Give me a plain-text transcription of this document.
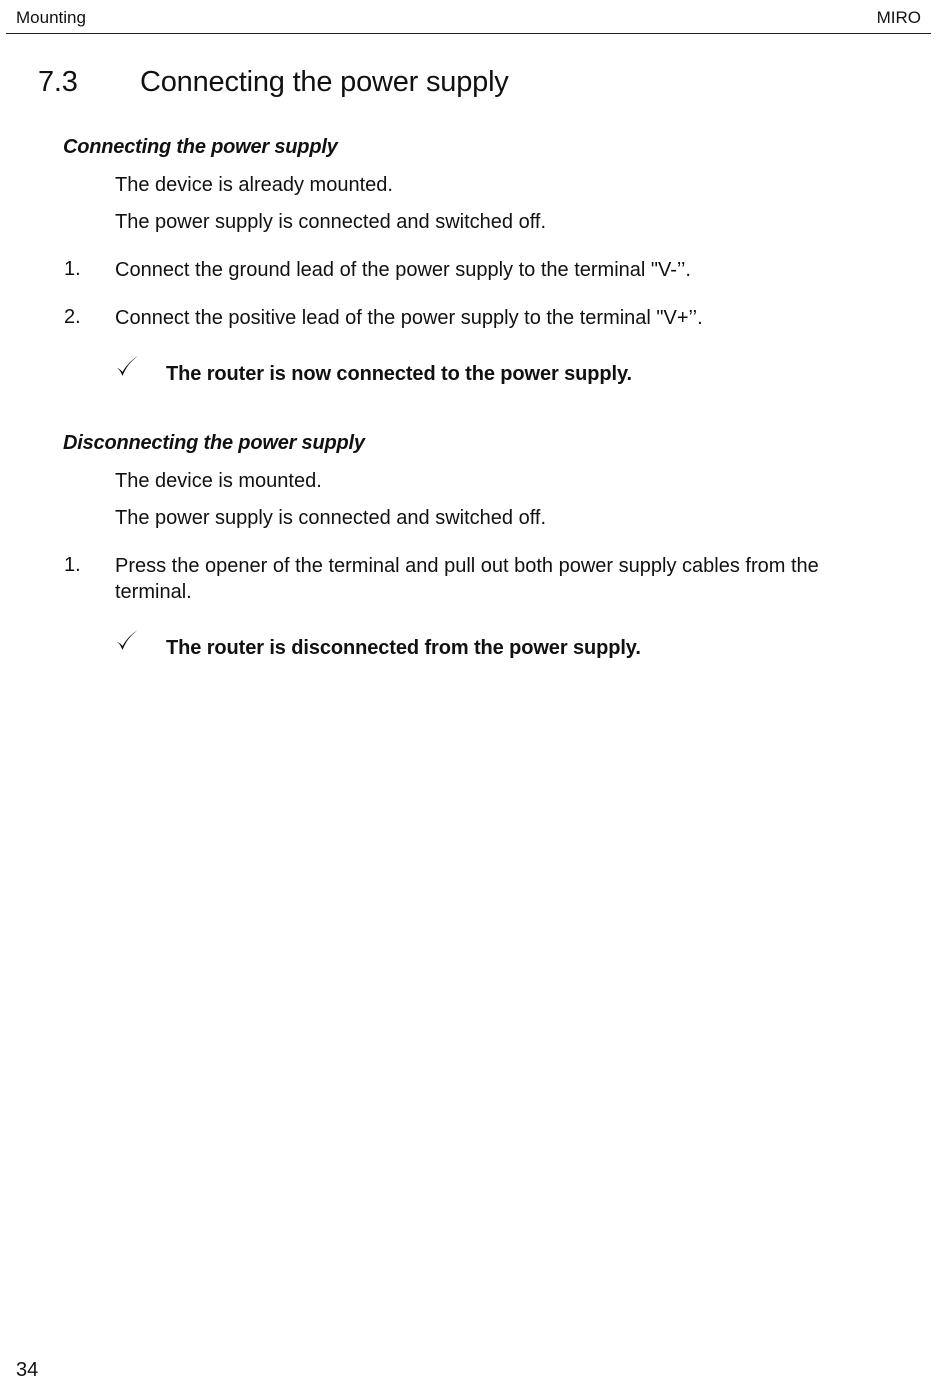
Mounting	MIRO
7.3 Connecting the power supply
Connecting the power supply
The device is already mounted.
The power supply is connected and switched off.
1. Connect the ground lead of the power supply to the terminal "V-’’.
2. Connect the positive lead of the power supply to the terminal "V+’’.
The router is now connected to the power supply.
Disconnecting the power supply
The device is mounted.
The power supply is connected and switched off.
1. Press the opener of the terminal and pull out both power supply cables from the terminal.
The router is disconnected from the power supply.
34
